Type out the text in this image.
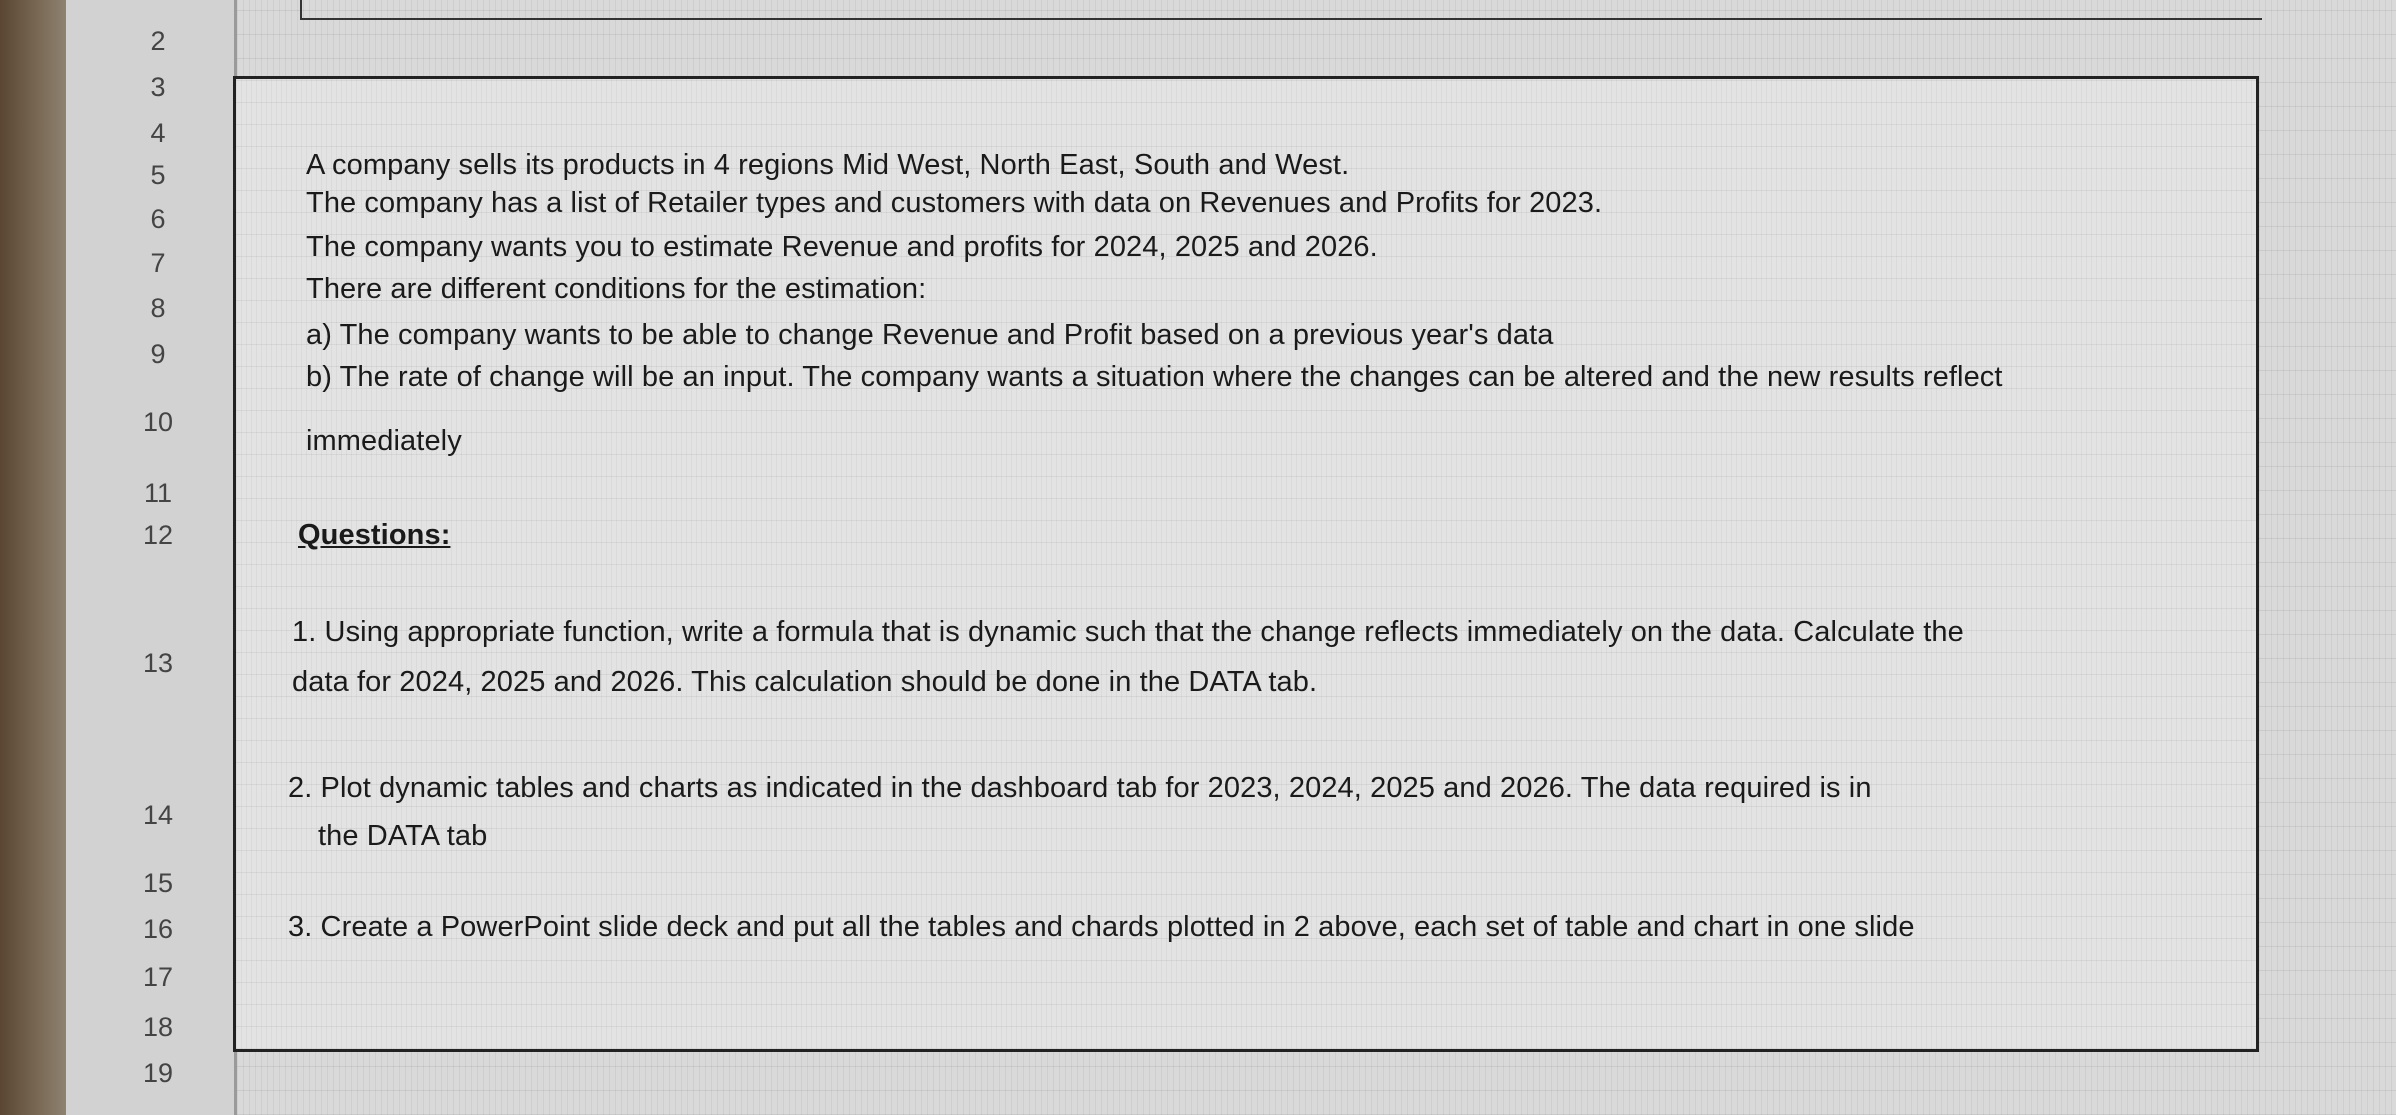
2
3
4
5
6
7
8
9
10
11
12
13
14
15
16
17
18
19
A company sells its products in 4 regions Mid West, North East, South and West.
The company has a list of Retailer types and customers with data on Revenues and Profits for 2023.
The company wants you to estimate Revenue and profits for 2024, 2025 and 2026.
There are different conditions for the estimation:
a) The company wants to be able to change Revenue and Profit based on a previous year's data
b) The rate of change will be an input. The company wants a situation where the changes can be altered and the new results reflect
immediately
Questions:
1. Using appropriate function, write a formula that is dynamic such that the change reflects immediately on the data. Calculate the
data for 2024, 2025 and 2026. This calculation should be done in the DATA tab.
2. Plot dynamic tables and charts as indicated in the dashboard tab for 2023, 2024, 2025 and 2026. The data required is in
the DATA tab
3. Create a PowerPoint slide deck and put all the tables and chards plotted in 2 above, each set of table and chart in one slide
